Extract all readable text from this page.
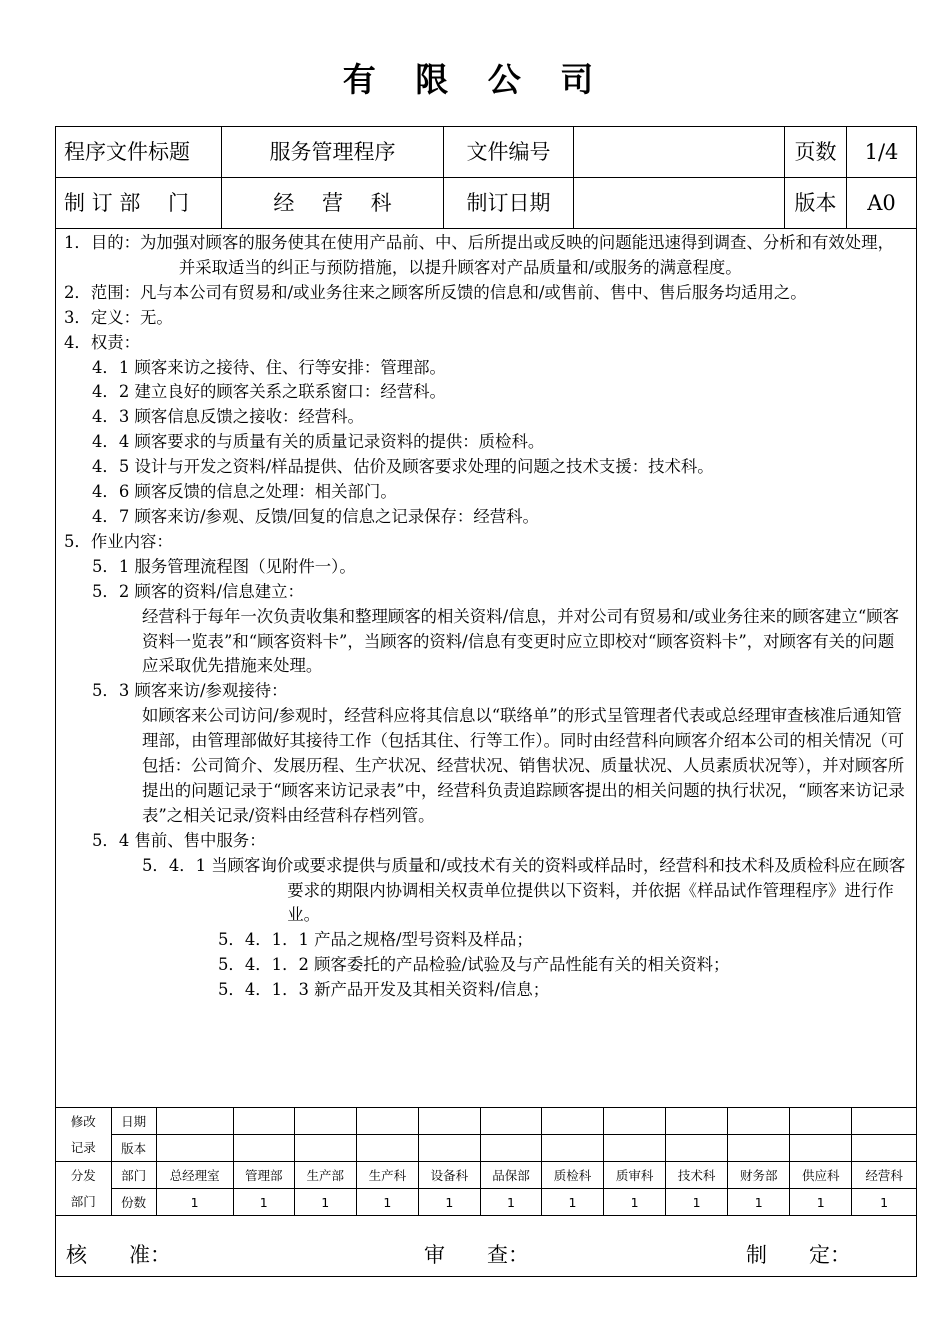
有 限 公 司
程序文件标题	服务管理程序	文件编号	页数	1/4
制 订 部　 门	经　 营　 科	制订日期	版本	A0
1． 目的：为加强对顾客的服务使其在使用产品前、中、后所提出或反映的问题能迅速得到调查、分析和有效处理，并采取适当的纠正与预防措施，以提升顾客对产品质量和/或服务的满意程度。
2． 范围：凡与本公司有贸易和/或业务往来之顾客所反馈的信息和/或售前、售中、售后服务均适用之。
3． 定义：无。
4． 权责：
4．1 顾客来访之接待、住、行等安排：管理部。
4．2 建立良好的顾客关系之联系窗口：经营科。
4．3 顾客信息反馈之接收：经营科。
4．4 顾客要求的与质量有关的质量记录资料的提供：质检科。
4．5 设计与开发之资料/样品提供、估价及顾客要求处理的问题之技术支援：技术科。
4．6 顾客反馈的信息之处理：相关部门。
4．7 顾客来访/参观、反馈/回复的信息之记录保存：经营科。
5． 作业内容：
5．1 服务管理流程图（见附件一）。
5．2 顾客的资料/信息建立：
经营科于每年一次负责收集和整理顾客的相关资料/信息，并对公司有贸易和/或业务往来的顾客建立“顾客资料一览表”和“顾客资料卡”，当顾客的资料/信息有变更时应立即校对“顾客资料卡”，对顾客有关的问题应采取优先措施来处理。
5．3 顾客来访/参观接待：
如顾客来公司访问/参观时，经营科应将其信息以“联络单”的形式呈管理者代表或总经理审查核准后通知管理部，由管理部做好其接待工作（包括其住、行等工作）。同时由经营科向顾客介绍本公司的相关情况（可包括：公司简介、发展历程、生产状况、经营状况、销售状况、质量状况、人员素质状况等），并对顾客所提出的问题记录于“顾客来访记录表”中，经营科负责追踪顾客提出的相关问题的执行状况，“顾客来访记录表”之相关记录/资料由经营科存档列管。
5．4 售前、售中服务：
5．4．1 当顾客询价或要求提供与质量和/或技术有关的资料或样品时，经营科和技术科及质检科应在顾客要求的期限内协调相关权责单位提供以下资料，并依据《样品试作管理程序》进行作业。
5．4．1．1 产品之规格/型号资料及样品；
5．4．1．2 顾客委托的产品检验/试验及与产品性能有关的相关资料；
5．4．1．3 新产品开发及其相关资料/信息；
修改
记录	日期												
	版本												
分发
部门	部门	总经理室	管理部	生产部	生产科	设备科	品保部	质检科	质审科	技术科	财务部	供应科	经营科
	份数	1	1	1	1	1	1	1	1	1	1	1	1
核　　准：	审　　查：	制　　定：
